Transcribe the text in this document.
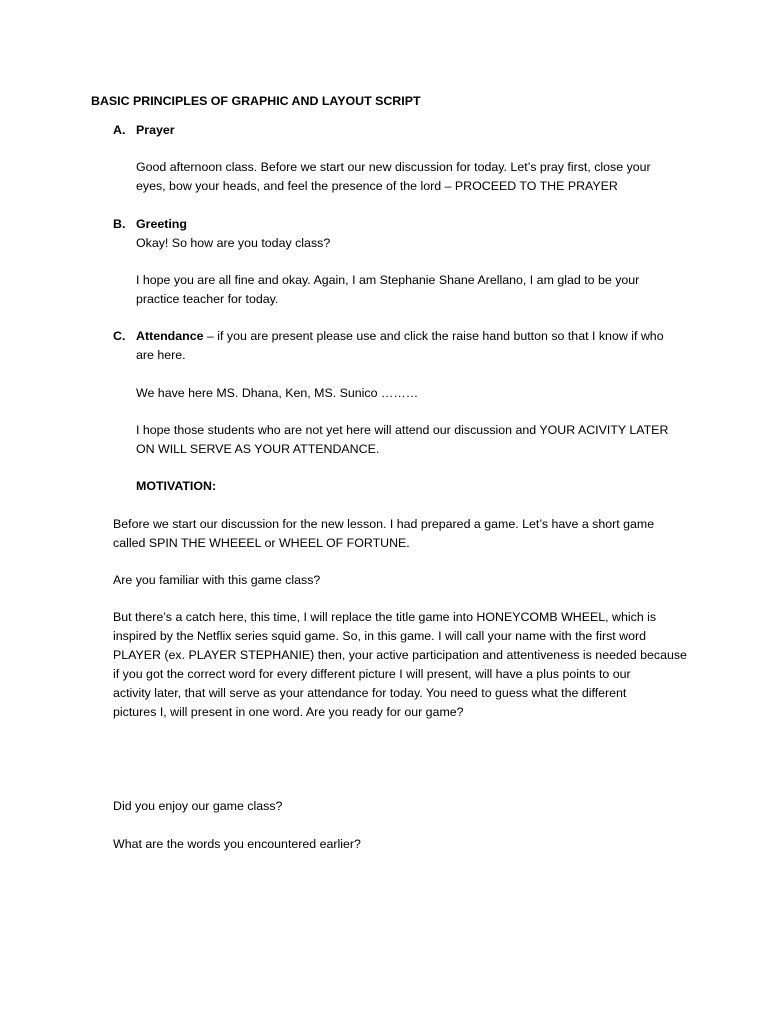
BASIC PRINCIPLES OF GRAPHIC AND LAYOUT SCRIPT

A. Prayer

Good afternoon class. Before we start our new discussion for today. Let’s pray first, close your

eyes, bow your heads, and feel the presence of the lord – PROCEED TO THE PRAYER

B. Greeting

Okay! So how are you today class?

I hope you are all fine and okay. Again, I am Stephanie Shane Arellano, I am glad to be your

practice teacher for today.

C. Attendance – if you are present please use and click the raise hand button so that I know if who

are here.

We have here MS. Dhana, Ken, MS. Sunico ………

I hope those students who are not yet here will attend our discussion and YOUR ACIVITY LATER

ON WILL SERVE AS YOUR ATTENDANCE.

MOTIVATION:

Before we start our discussion for the new lesson. I had prepared a game. Let’s have a short game

called SPIN THE WHEEEL or WHEEL OF FORTUNE.

Are you familiar with this game class?

But there’s a catch here, this time, I will replace the title game into HONEYCOMB WHEEL, which is

inspired by the Netflix series squid game. So, in this game. I will call your name with the first word

PLAYER (ex. PLAYER STEPHANIE) then, your active participation and attentiveness is needed because

if you got the correct word for every different picture I will present, will have a plus points to our

activity later, that will serve as your attendance for today. You need to guess what the different

pictures I, will present in one word. Are you ready for our game?

Did you enjoy our game class?

What are the words you encountered earlier?
